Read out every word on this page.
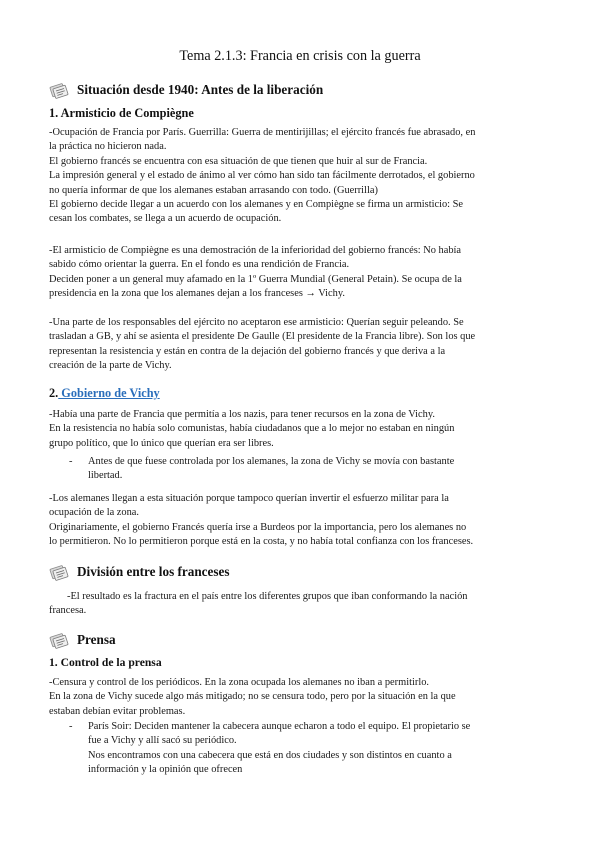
Tema 2.1.3: Francia en crisis con la guerra
Situación desde 1940: Antes de la liberación
1. Armisticio de Compiègne

-Ocupación de Francia por París. Guerrilla: Guerra de mentirijillas; el ejército francés fue abrasado, en

la práctica no hicieron nada.

El gobierno francés se encuentra con esa situación de que tienen que huir al sur de Francia.

La impresión general y el estado de ánimo al ver cómo han sido tan fácilmente derrotados, el gobierno

no quería informar de que los alemanes estaban arrasando con todo. (Guerrilla)

El gobierno decide llegar a un acuerdo con los alemanes y en Compiègne se firma un armisticio: Se

cesan los combates, se llega a un acuerdo de ocupación.

-El armisticio de Compiègne es una demostración de la inferioridad del gobierno francés: No había

sabido cómo orientar la guerra. En el fondo es una rendición de Francia.

Deciden poner a un general muy afamado en la 1º Guerra Mundial (General Petain). Se ocupa de la

presidencia en la zona que los alemanes dejan a los franceses → Vichy.

-Una parte de los responsables del ejército no aceptaron ese armisticio: Querían seguir peleando. Se

trasladan a GB, y ahí se asienta el presidente De Gaulle (El presidente de la Francia libre). Son los que

representan la resistencia y están en contra de la dejación del gobierno francés y que deriva a la

creación de la parte de Vichy.

2. Gobierno de Vichy

-Había una parte de Francia que permitía a los nazis, para tener recursos en la zona de Vichy.

En la resistencia no había solo comunistas, había ciudadanos que a lo mejor no estaban en ningún

grupo político, que lo único que querían era ser libres.

- Antes de que fuese controlada por los alemanes, la zona de Vichy se movía con bastante
libertad.

-Los alemanes llegan a esta situación porque tampoco querían invertir el esfuerzo militar para la

ocupación de la zona.

Originariamente, el gobierno Francés quería irse a Burdeos por la importancia, pero los alemanes no

lo permitieron. No lo permitieron porque está en la costa, y no había total confianza con los franceses.

División entre los franceses

-El resultado es la fractura en el país entre los diferentes grupos que iban conformando la nación

francesa.

Prensa
1. Control de la prensa

-Censura y control de los periódicos. En la zona ocupada los alemanes no iban a permitirlo.

En la zona de Vichy sucede algo más mitigado; no se censura todo, pero por la situación en la que

estaban debían evitar problemas.

- París Soir: Deciden mantener la cabecera aunque echaron a todo el equipo. El propietario se
fue a Vichy y allí sacó su periódico.
Nos encontramos con una cabecera que está en dos ciudades y son distintos en cuanto a
información y la opinión que ofrecen
